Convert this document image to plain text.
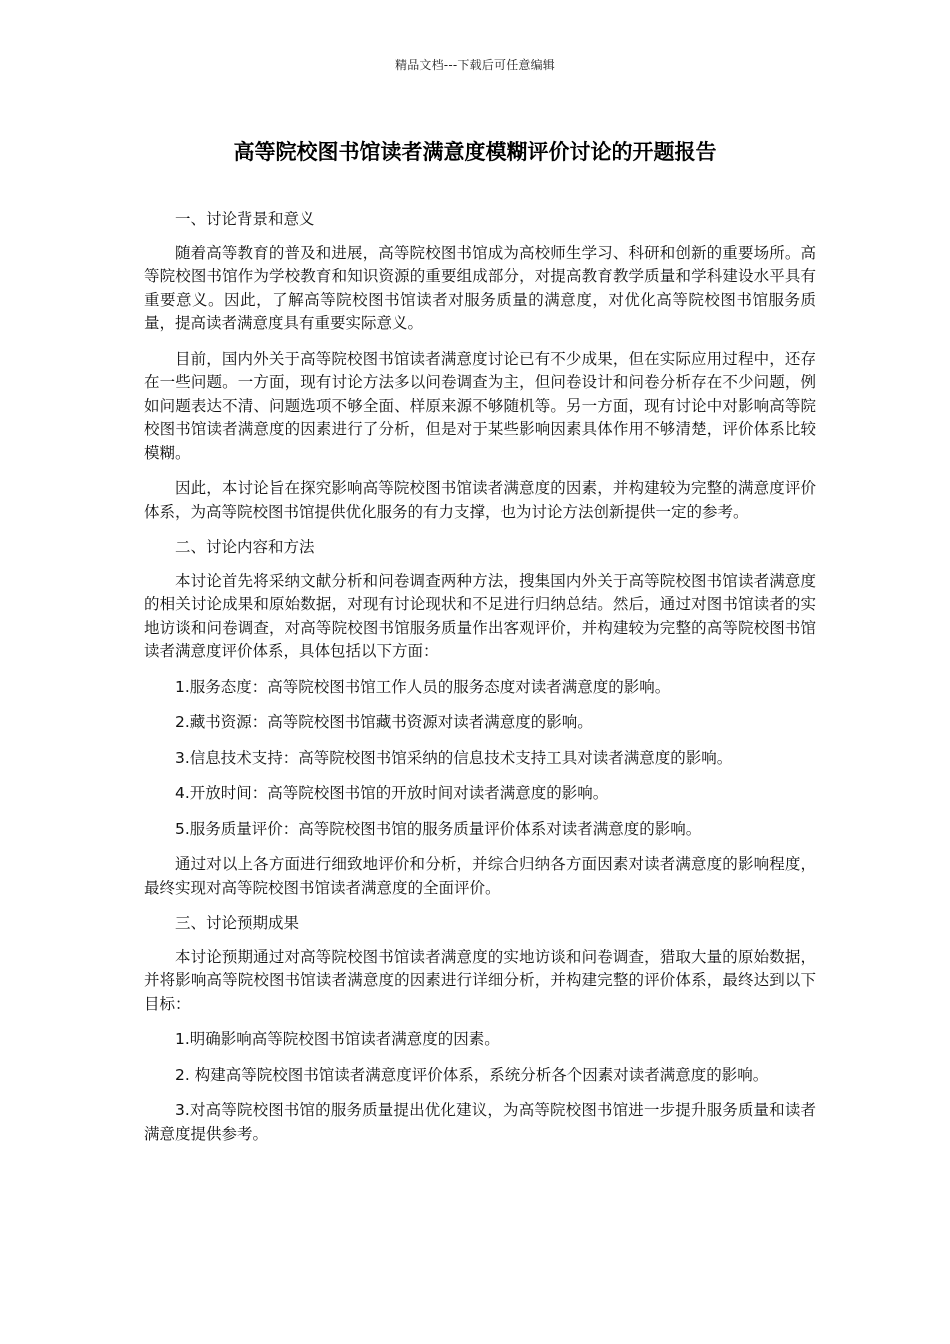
精品文档---下载后可任意编辑
高等院校图书馆读者满意度模糊评价讨论的开题报告

一、讨论背景和意义

随着高等教育的普及和进展，高等院校图书馆成为高校师生学习、科研和创新的重要场所。高等院校图书馆作为学校教育和知识资源的重要组成部分，对提高教育教学质量和学科建设水平具有重要意义。因此，了解高等院校图书馆读者对服务质量的满意度，对优化高等院校图书馆服务质量，提高读者满意度具有重要实际意义。

目前，国内外关于高等院校图书馆读者满意度讨论已有不少成果，但在实际应用过程中，还存在一些问题。一方面，现有讨论方法多以问卷调查为主，但问卷设计和问卷分析存在不少问题，例如问题表达不清、问题选项不够全面、样原来源不够随机等。另一方面，现有讨论中对影响高等院校图书馆读者满意度的因素进行了分析，但是对于某些影响因素具体作用不够清楚，评价体系比较模糊。

因此，本讨论旨在探究影响高等院校图书馆读者满意度的因素，并构建较为完整的满意度评价体系，为高等院校图书馆提供优化服务的有力支撑，也为讨论方法创新提供一定的参考。

二、讨论内容和方法

本讨论首先将采纳文献分析和问卷调查两种方法，搜集国内外关于高等院校图书馆读者满意度的相关讨论成果和原始数据，对现有讨论现状和不足进行归纳总结。然后，通过对图书馆读者的实地访谈和问卷调查，对高等院校图书馆服务质量作出客观评价，并构建较为完整的高等院校图书馆读者满意度评价体系，具体包括以下方面：

1.服务态度：高等院校图书馆工作人员的服务态度对读者满意度的影响。

2.藏书资源：高等院校图书馆藏书资源对读者满意度的影响。

3.信息技术支持：高等院校图书馆采纳的信息技术支持工具对读者满意度的影响。

4.开放时间：高等院校图书馆的开放时间对读者满意度的影响。

5.服务质量评价：高等院校图书馆的服务质量评价体系对读者满意度的影响。

通过对以上各方面进行细致地评价和分析，并综合归纳各方面因素对读者满意度的影响程度，最终实现对高等院校图书馆读者满意度的全面评价。

三、讨论预期成果

本讨论预期通过对高等院校图书馆读者满意度的实地访谈和问卷调查，猎取大量的原始数据，并将影响高等院校图书馆读者满意度的因素进行详细分析，并构建完整的评价体系，最终达到以下目标：

1.明确影响高等院校图书馆读者满意度的因素。

2. 构建高等院校图书馆读者满意度评价体系，系统分析各个因素对读者满意度的影响。

3.对高等院校图书馆的服务质量提出优化建议，为高等院校图书馆进一步提升服务质量和读者满意度提供参考。
